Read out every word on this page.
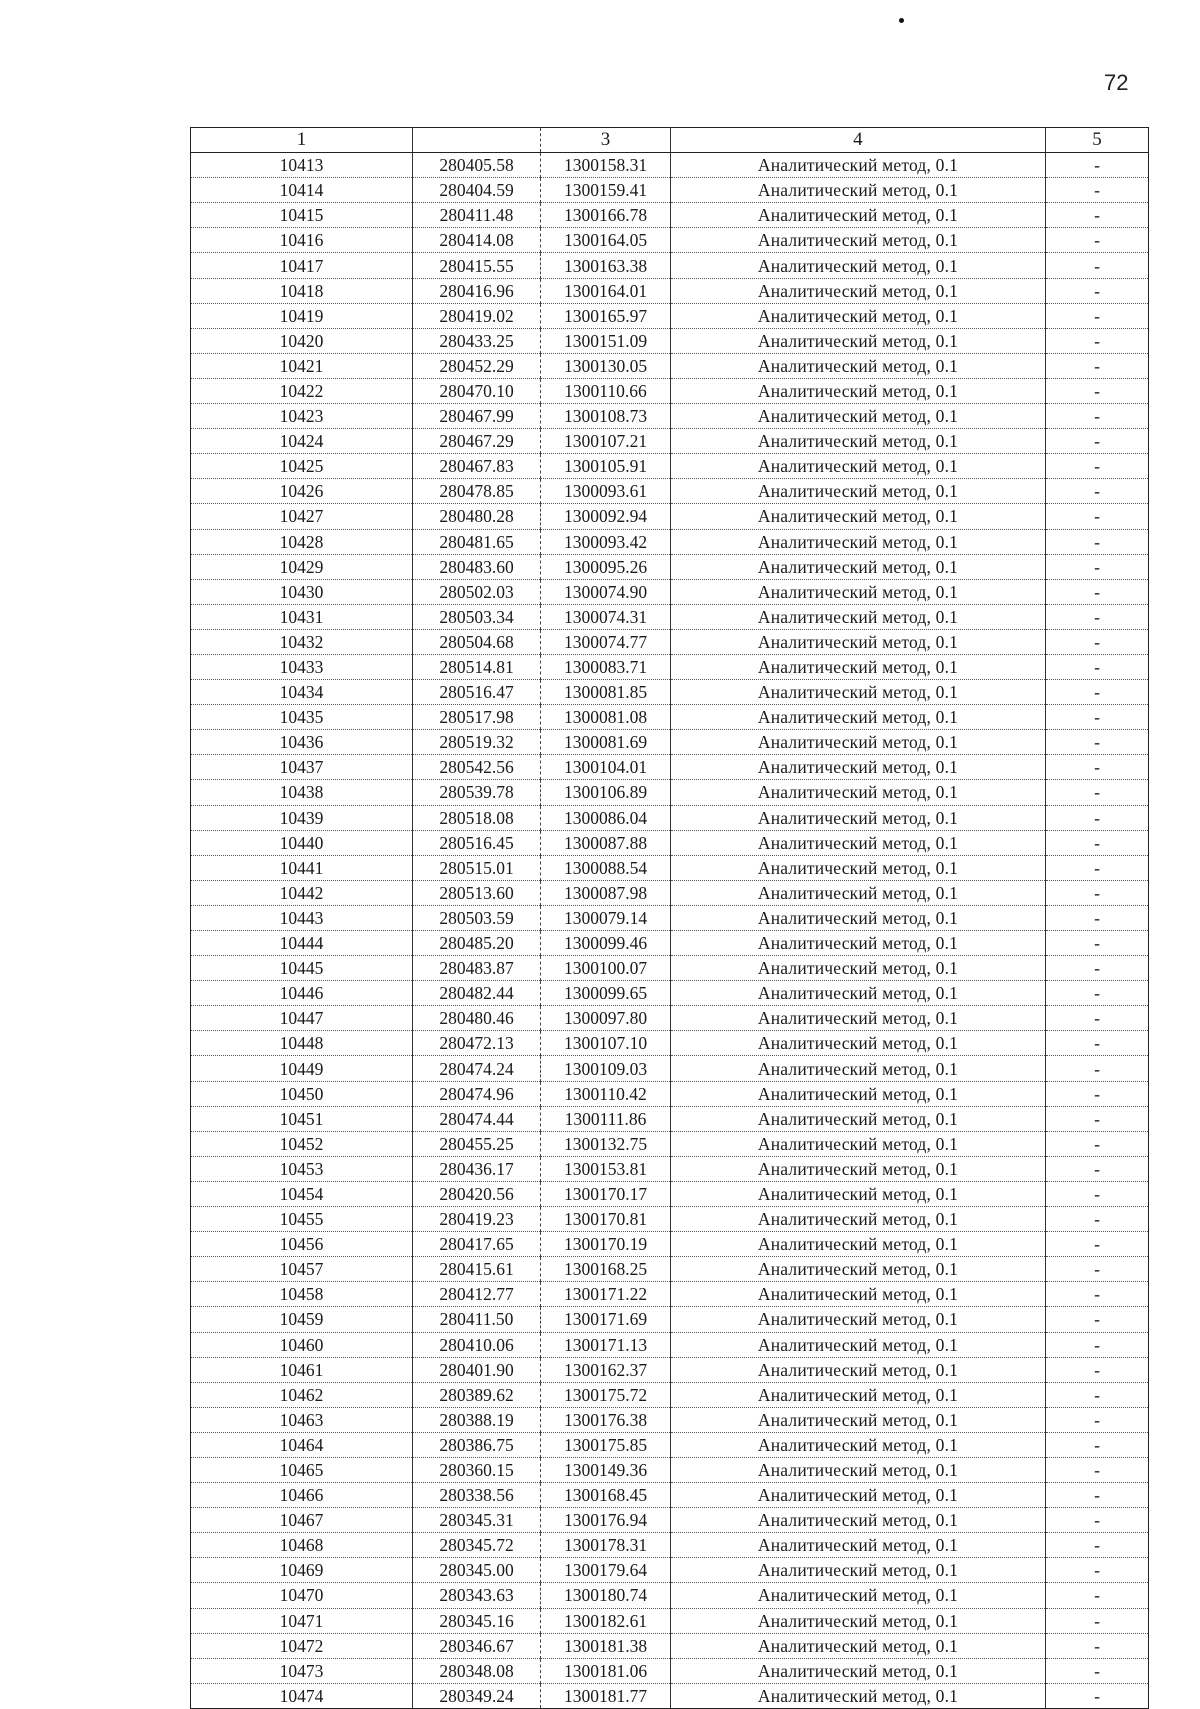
72
1		3	4	5
10413	280405.58	1300158.31	Аналитический метод, 0.1	-
10414	280404.59	1300159.41	Аналитический метод, 0.1	-
10415	280411.48	1300166.78	Аналитический метод, 0.1	-
10416	280414.08	1300164.05	Аналитический метод, 0.1	-
10417	280415.55	1300163.38	Аналитический метод, 0.1	-
10418	280416.96	1300164.01	Аналитический метод, 0.1	-
10419	280419.02	1300165.97	Аналитический метод, 0.1	-
10420	280433.25	1300151.09	Аналитический метод, 0.1	-
10421	280452.29	1300130.05	Аналитический метод, 0.1	-
10422	280470.10	1300110.66	Аналитический метод, 0.1	-
10423	280467.99	1300108.73	Аналитический метод, 0.1	-
10424	280467.29	1300107.21	Аналитический метод, 0.1	-
10425	280467.83	1300105.91	Аналитический метод, 0.1	-
10426	280478.85	1300093.61	Аналитический метод, 0.1	-
10427	280480.28	1300092.94	Аналитический метод, 0.1	-
10428	280481.65	1300093.42	Аналитический метод, 0.1	-
10429	280483.60	1300095.26	Аналитический метод, 0.1	-
10430	280502.03	1300074.90	Аналитический метод, 0.1	-
10431	280503.34	1300074.31	Аналитический метод, 0.1	-
10432	280504.68	1300074.77	Аналитический метод, 0.1	-
10433	280514.81	1300083.71	Аналитический метод, 0.1	-
10434	280516.47	1300081.85	Аналитический метод, 0.1	-
10435	280517.98	1300081.08	Аналитический метод, 0.1	-
10436	280519.32	1300081.69	Аналитический метод, 0.1	-
10437	280542.56	1300104.01	Аналитический метод, 0.1	-
10438	280539.78	1300106.89	Аналитический метод, 0.1	-
10439	280518.08	1300086.04	Аналитический метод, 0.1	-
10440	280516.45	1300087.88	Аналитический метод, 0.1	-
10441	280515.01	1300088.54	Аналитический метод, 0.1	-
10442	280513.60	1300087.98	Аналитический метод, 0.1	-
10443	280503.59	1300079.14	Аналитический метод, 0.1	-
10444	280485.20	1300099.46	Аналитический метод, 0.1	-
10445	280483.87	1300100.07	Аналитический метод, 0.1	-
10446	280482.44	1300099.65	Аналитический метод, 0.1	-
10447	280480.46	1300097.80	Аналитический метод, 0.1	-
10448	280472.13	1300107.10	Аналитический метод, 0.1	-
10449	280474.24	1300109.03	Аналитический метод, 0.1	-
10450	280474.96	1300110.42	Аналитический метод, 0.1	-
10451	280474.44	1300111.86	Аналитический метод, 0.1	-
10452	280455.25	1300132.75	Аналитический метод, 0.1	-
10453	280436.17	1300153.81	Аналитический метод, 0.1	-
10454	280420.56	1300170.17	Аналитический метод, 0.1	-
10455	280419.23	1300170.81	Аналитический метод, 0.1	-
10456	280417.65	1300170.19	Аналитический метод, 0.1	-
10457	280415.61	1300168.25	Аналитический метод, 0.1	-
10458	280412.77	1300171.22	Аналитический метод, 0.1	-
10459	280411.50	1300171.69	Аналитический метод, 0.1	-
10460	280410.06	1300171.13	Аналитический метод, 0.1	-
10461	280401.90	1300162.37	Аналитический метод, 0.1	-
10462	280389.62	1300175.72	Аналитический метод, 0.1	-
10463	280388.19	1300176.38	Аналитический метод, 0.1	-
10464	280386.75	1300175.85	Аналитический метод, 0.1	-
10465	280360.15	1300149.36	Аналитический метод, 0.1	-
10466	280338.56	1300168.45	Аналитический метод, 0.1	-
10467	280345.31	1300176.94	Аналитический метод, 0.1	-
10468	280345.72	1300178.31	Аналитический метод, 0.1	-
10469	280345.00	1300179.64	Аналитический метод, 0.1	-
10470	280343.63	1300180.74	Аналитический метод, 0.1	-
10471	280345.16	1300182.61	Аналитический метод, 0.1	-
10472	280346.67	1300181.38	Аналитический метод, 0.1	-
10473	280348.08	1300181.06	Аналитический метод, 0.1	-
10474	280349.24	1300181.77	Аналитический метод, 0.1	-
